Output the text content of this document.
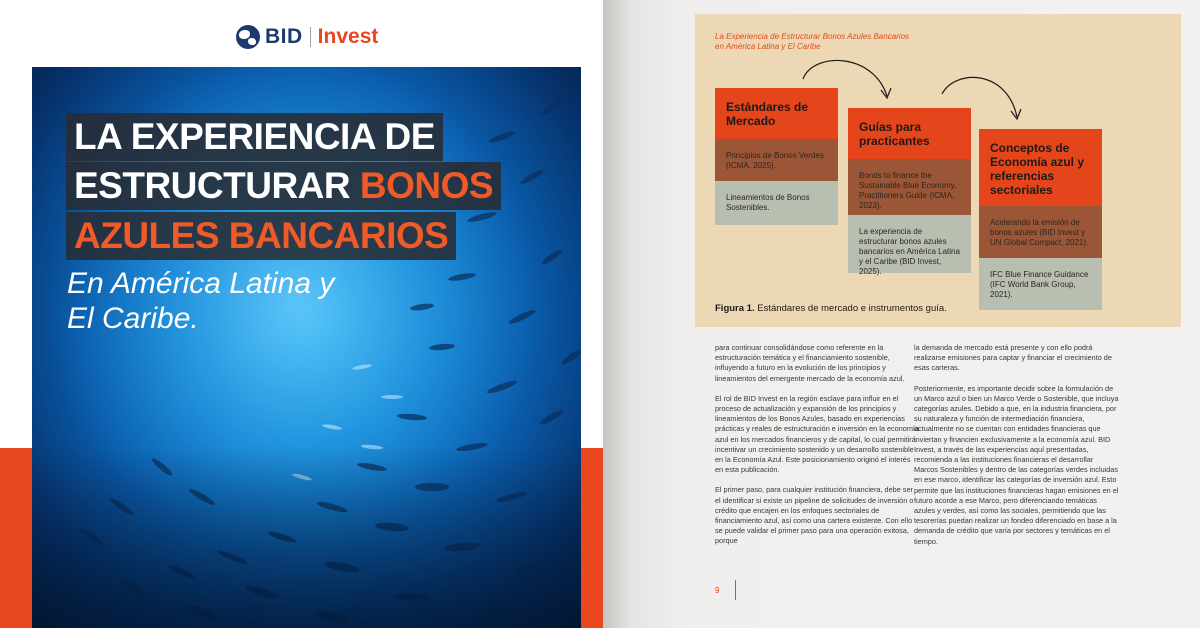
BID Invest
LA EXPERIENCIA DE
ESTRUCTURAR BONOS
AZULES BANCARIOS
En América Latina y El Caribe.
La Experiencia de Estructurar Bonos Azules Bancarios en América Latina y El Caribe
Estándares de Mercado
Principios de Bonos Verdes (ICMA, 2025).
Lineamientos de Bonos Sostenibles.
Guías para practicantes
Bonds to finance the Sustainable Blue Economy, Practitioners Guide (ICMA, 2023).
La experiencia de estructurar bonos azules bancarios en América Latina y el Caribe (BID Invest, 2025).
Conceptos de Economía azul y referencias sectoriales
Acelerando la emisión de bonos azules (BID Invest y UN Global Compact, 2021).
IFC Blue Finance Guidance (IFC World Bank Group, 2021).
Figura 1. Estándares de mercado e instrumentos guía.

para continuar consolidándose como referente en la estructuración temática y el financiamiento sostenible, influyendo a futuro en la evolución de los principios y lineamientos del emergente mercado de la economía azul.

El rol de BID Invest en la región esclave para influir en el proceso de actualización y expansión de los principios y lineamientos de los Bonos Azules, basado en experiencias prácticas y reales de estructuración e inversión en la economía azul en los mercados financieros y de capital, lo cual permitirá incentivar un crecimiento sostenido y un desarrollo sostenible en la Economía Azul. Este posicionamiento originó el interés en esta publicación.

El primer paso, para cualquier institución financiera, debe ser el identificar si existe un pipeline de solicitudes de inversión o crédito que encajen en los enfoques sectoriales de financiamiento azul, así como una cartera existente. Con ello se puede validar el primer paso para una operación exitosa, porque

la demanda de mercado está presente y con ello podrá realizarse emisiones para captar y financiar el crecimiento de esas carteras.

Posteriormente, es importante decidir sobre la formulación de un Marco azul o bien un Marco Verde o Sostenible, que incluya categorías azules. Debido a que, en la industria financiera, por su naturaleza y función de intermediación financiera, actualmente no se cuentan con entidades financieras que inviertan y financien exclusivamente a la economía azul. BID Invest, a través de las experiencias aquí presentadas, recomienda a las instituciones financieras el desarrollar Marcos Sostenibles y dentro de las categorías verdes incluidas en ese marco, identificar las categorías de inversión azul. Esto permite que las instituciones financieras hagan emisiones en el futuro acorde a ese Marco, pero diferenciando temáticas azules y verdes, así como las sociales, permitiendo que las tesorerías puedan realizar un fondeo diferenciado en base a la demanda de crédito que varía por sectores y temáticas en el tiempo.

9
